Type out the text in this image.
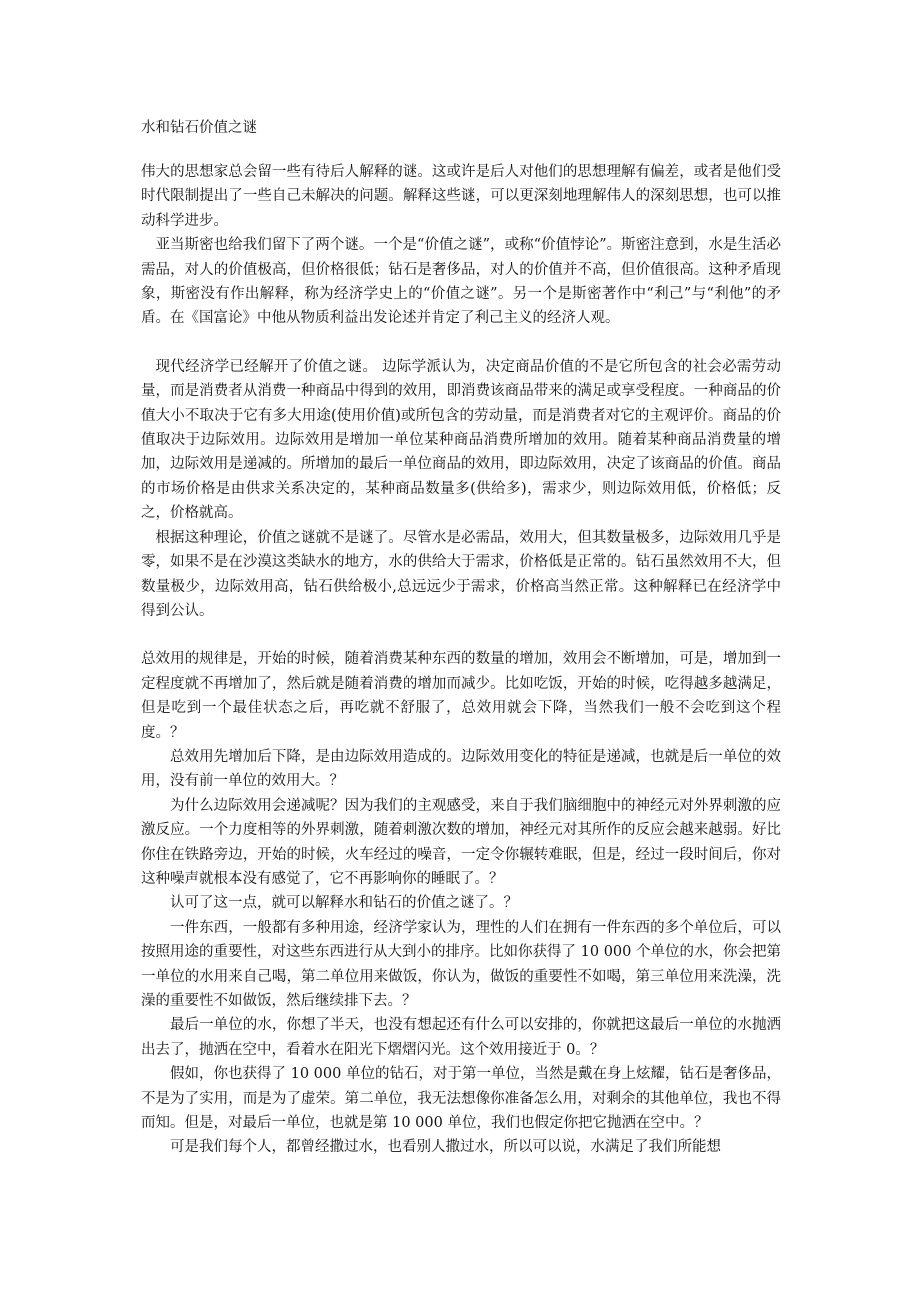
水和钻石价值之谜

伟大的思想家总会留一些有待后人解释的谜。这或许是后人对他们的思想理解有偏差，或者是他们受时代限制提出了一些自己未解决的问题。解释这些谜，可以更深刻地理解伟人的深刻思想，也可以推动科学进步。

亚当斯密也给我们留下了两个谜。一个是“价值之谜”，或称“价值悖论”。斯密注意到，水是生活必需品，对人的价值极高，但价格很低；钻石是奢侈品，对人的价值并不高，但价值很高。这种矛盾现象，斯密没有作出解释，称为经济学史上的“价值之谜”。另一个是斯密著作中“利己”与“利他”的矛盾。在《国富论》中他从物质利益出发论述并肯定了利己主义的经济人观。

现代经济学已经解开了价值之谜。 边际学派认为，决定商品价值的不是它所包含的社会必需劳动量，而是消费者从消费一种商品中得到的效用，即消费该商品带来的满足或享受程度。一种商品的价值大小不取决于它有多大用途(使用价值)或所包含的劳动量，而是消费者对它的主观评价。商品的价值取决于边际效用。边际效用是增加一单位某种商品消费所增加的效用。随着某种商品消费量的增加，边际效用是递减的。所增加的最后一单位商品的效用，即边际效用，决定了该商品的价值。商品的市场价格是由供求关系决定的，某种商品数量多(供给多)，需求少，则边际效用低，价格低；反之，价格就高。

根据这种理论，价值之谜就不是谜了。尽管水是必需品，效用大，但其数量极多，边际效用几乎是零，如果不是在沙漠这类缺水的地方，水的供给大于需求，价格低是正常的。钻石虽然效用不大，但数量极少，边际效用高，钻石供给极小,总远远少于需求，价格高当然正常。这种解释已在经济学中得到公认。

总效用的规律是，开始的时候，随着消费某种东西的数量的增加，效用会不断增加，可是，增加到一定程度就不再增加了，然后就是随着消费的增加而减少。比如吃饭，开始的时候，吃得越多越满足，但是吃到一个最佳状态之后，再吃就不舒服了，总效用就会下降，当然我们一般不会吃到这个程度。？

总效用先增加后下降，是由边际效用造成的。边际效用变化的特征是递减，也就是后一单位的效用，没有前一单位的效用大。？

为什么边际效用会递减呢？因为我们的主观感受，来自于我们脑细胞中的神经元对外界刺激的应激反应。一个力度相等的外界刺激，随着刺激次数的增加，神经元对其所作的反应会越来越弱。好比你住在铁路旁边，开始的时候，火车经过的噪音，一定令你辗转难眠，但是，经过一段时间后，你对这种噪声就根本没有感觉了，它不再影响你的睡眠了。？

认可了这一点，就可以解释水和钻石的价值之谜了。？

一件东西，一般都有多种用途，经济学家认为，理性的人们在拥有一件东西的多个单位后，可以按照用途的重要性，对这些东西进行从大到小的排序。比如你获得了 10 000 个单位的水，你会把第一单位的水用来自己喝，第二单位用来做饭，你认为，做饭的重要性不如喝，第三单位用来洗澡，洗澡的重要性不如做饭，然后继续排下去。？

最后一单位的水，你想了半天，也没有想起还有什么可以安排的，你就把这最后一单位的水抛洒出去了，抛洒在空中，看着水在阳光下熠熠闪光。这个效用接近于 0。？

假如，你也获得了 10 000 单位的钻石，对于第一单位，当然是戴在身上炫耀，钻石是奢侈品，不是为了实用，而是为了虚荣。第二单位，我无法想像你准备怎么用，对剩余的其他单位，我也不得而知。但是，对最后一单位，也就是第 10 000 单位，我们也假定你把它抛洒在空中。？

可是我们每个人，都曾经撒过水，也看别人撒过水，所以可以说，水满足了我们所能想
